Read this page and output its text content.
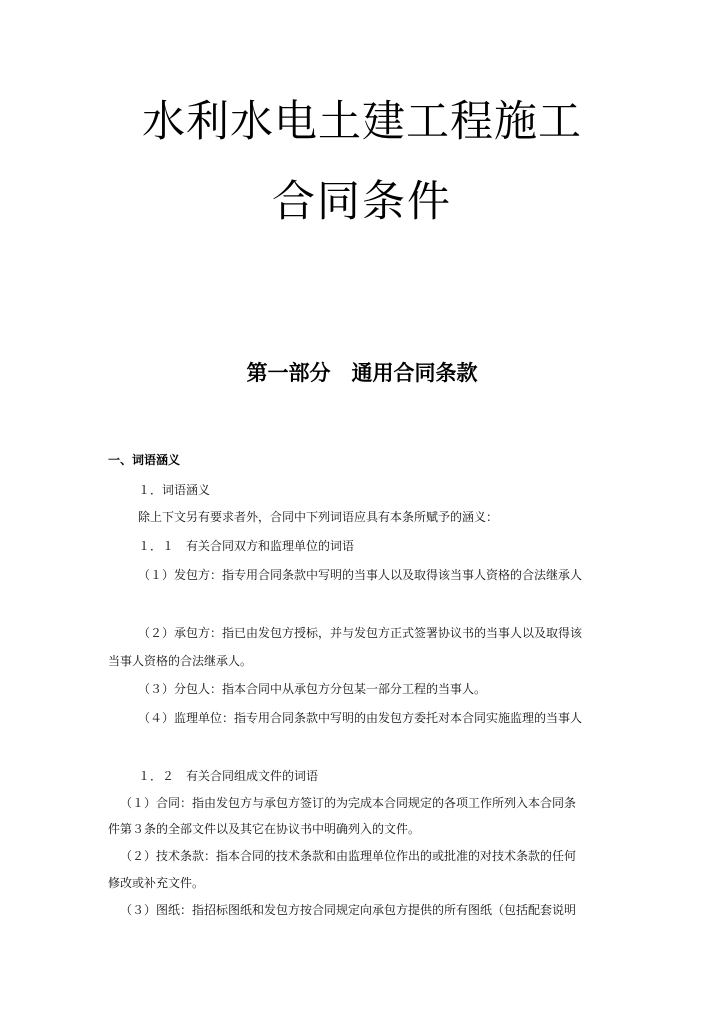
水利水电土建工程施工
合同条件
第一部分　通用合同条款
一、词语涵义
１．词语涵义
除上下文另有要求者外，合同中下列词语应具有本条所赋予的涵义：
１．１　有关合同双方和监理单位的词语
（１）发包方：指专用合同条款中写明的当事人以及取得该当事人资格的合法继承人
（２）承包方：指已由发包方授标，并与发包方正式签署协议书的当事人以及取得该
当事人资格的合法继承人。
（３）分包人：指本合同中从承包方分包某一部分工程的当事人。
（４）监理单位：指专用合同条款中写明的由发包方委托对本合同实施监理的当事人
１．２　有关合同组成文件的词语
（１）合同：指由发包方与承包方签订的为完成本合同规定的各项工作所列入本合同条
件第３条的全部文件以及其它在协议书中明确列入的文件。
（２）技术条款：指本合同的技术条款和由监理单位作出的或批准的对技术条款的任何
修改或补充文件。
（３）图纸：指招标图纸和发包方按合同规定向承包方提供的所有图纸（包括配套说明
